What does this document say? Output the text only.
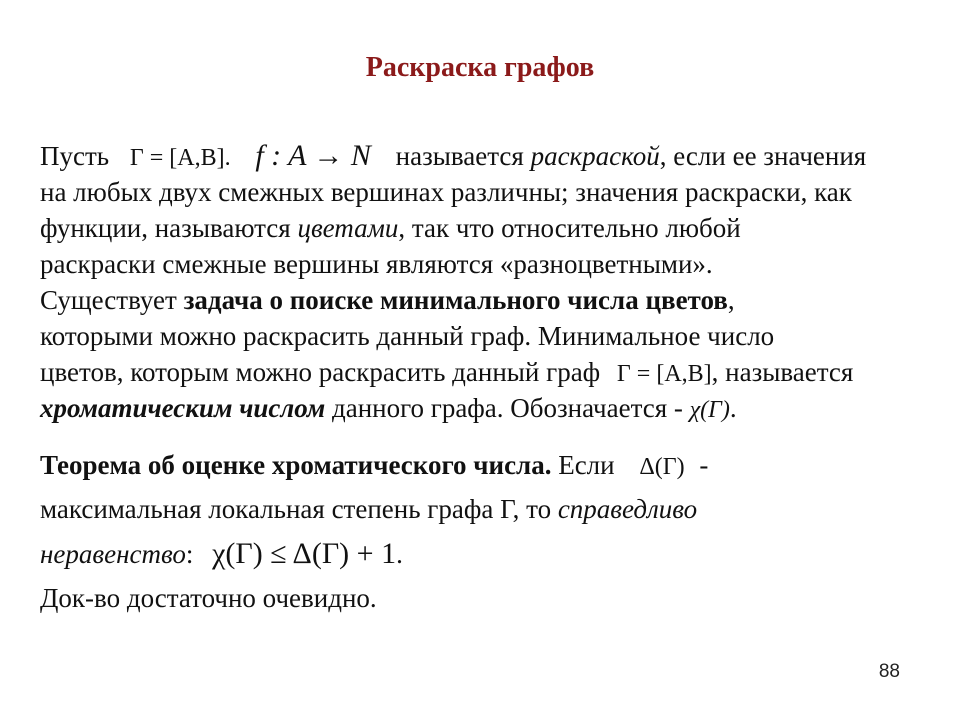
Раскраска графов
Пусть Γ = [A,B]. f : A → N называется раскраской, если ее значения
на любых двух смежных вершинах различны; значения раскраски, как
функции, называются цветами, так что относительно любой
раскраски смежные вершины являются «разноцветными».
Существует задача о поиске минимального числа цветов,
которыми можно раскрасить данный граф. Минимальное число
цветов, которым можно раскрасить данный граф Γ = [A,B], называется
хроматическим числом данного графа. Обозначается - χ(Γ).
Теорема об оценке хроматического числа. Если Δ(Γ) -
максимальная локальная степень графа Г, то справедливо
неравенство: χ(Γ) ≤ Δ(Γ) + 1.
Док-во достаточно очевидно.
88
